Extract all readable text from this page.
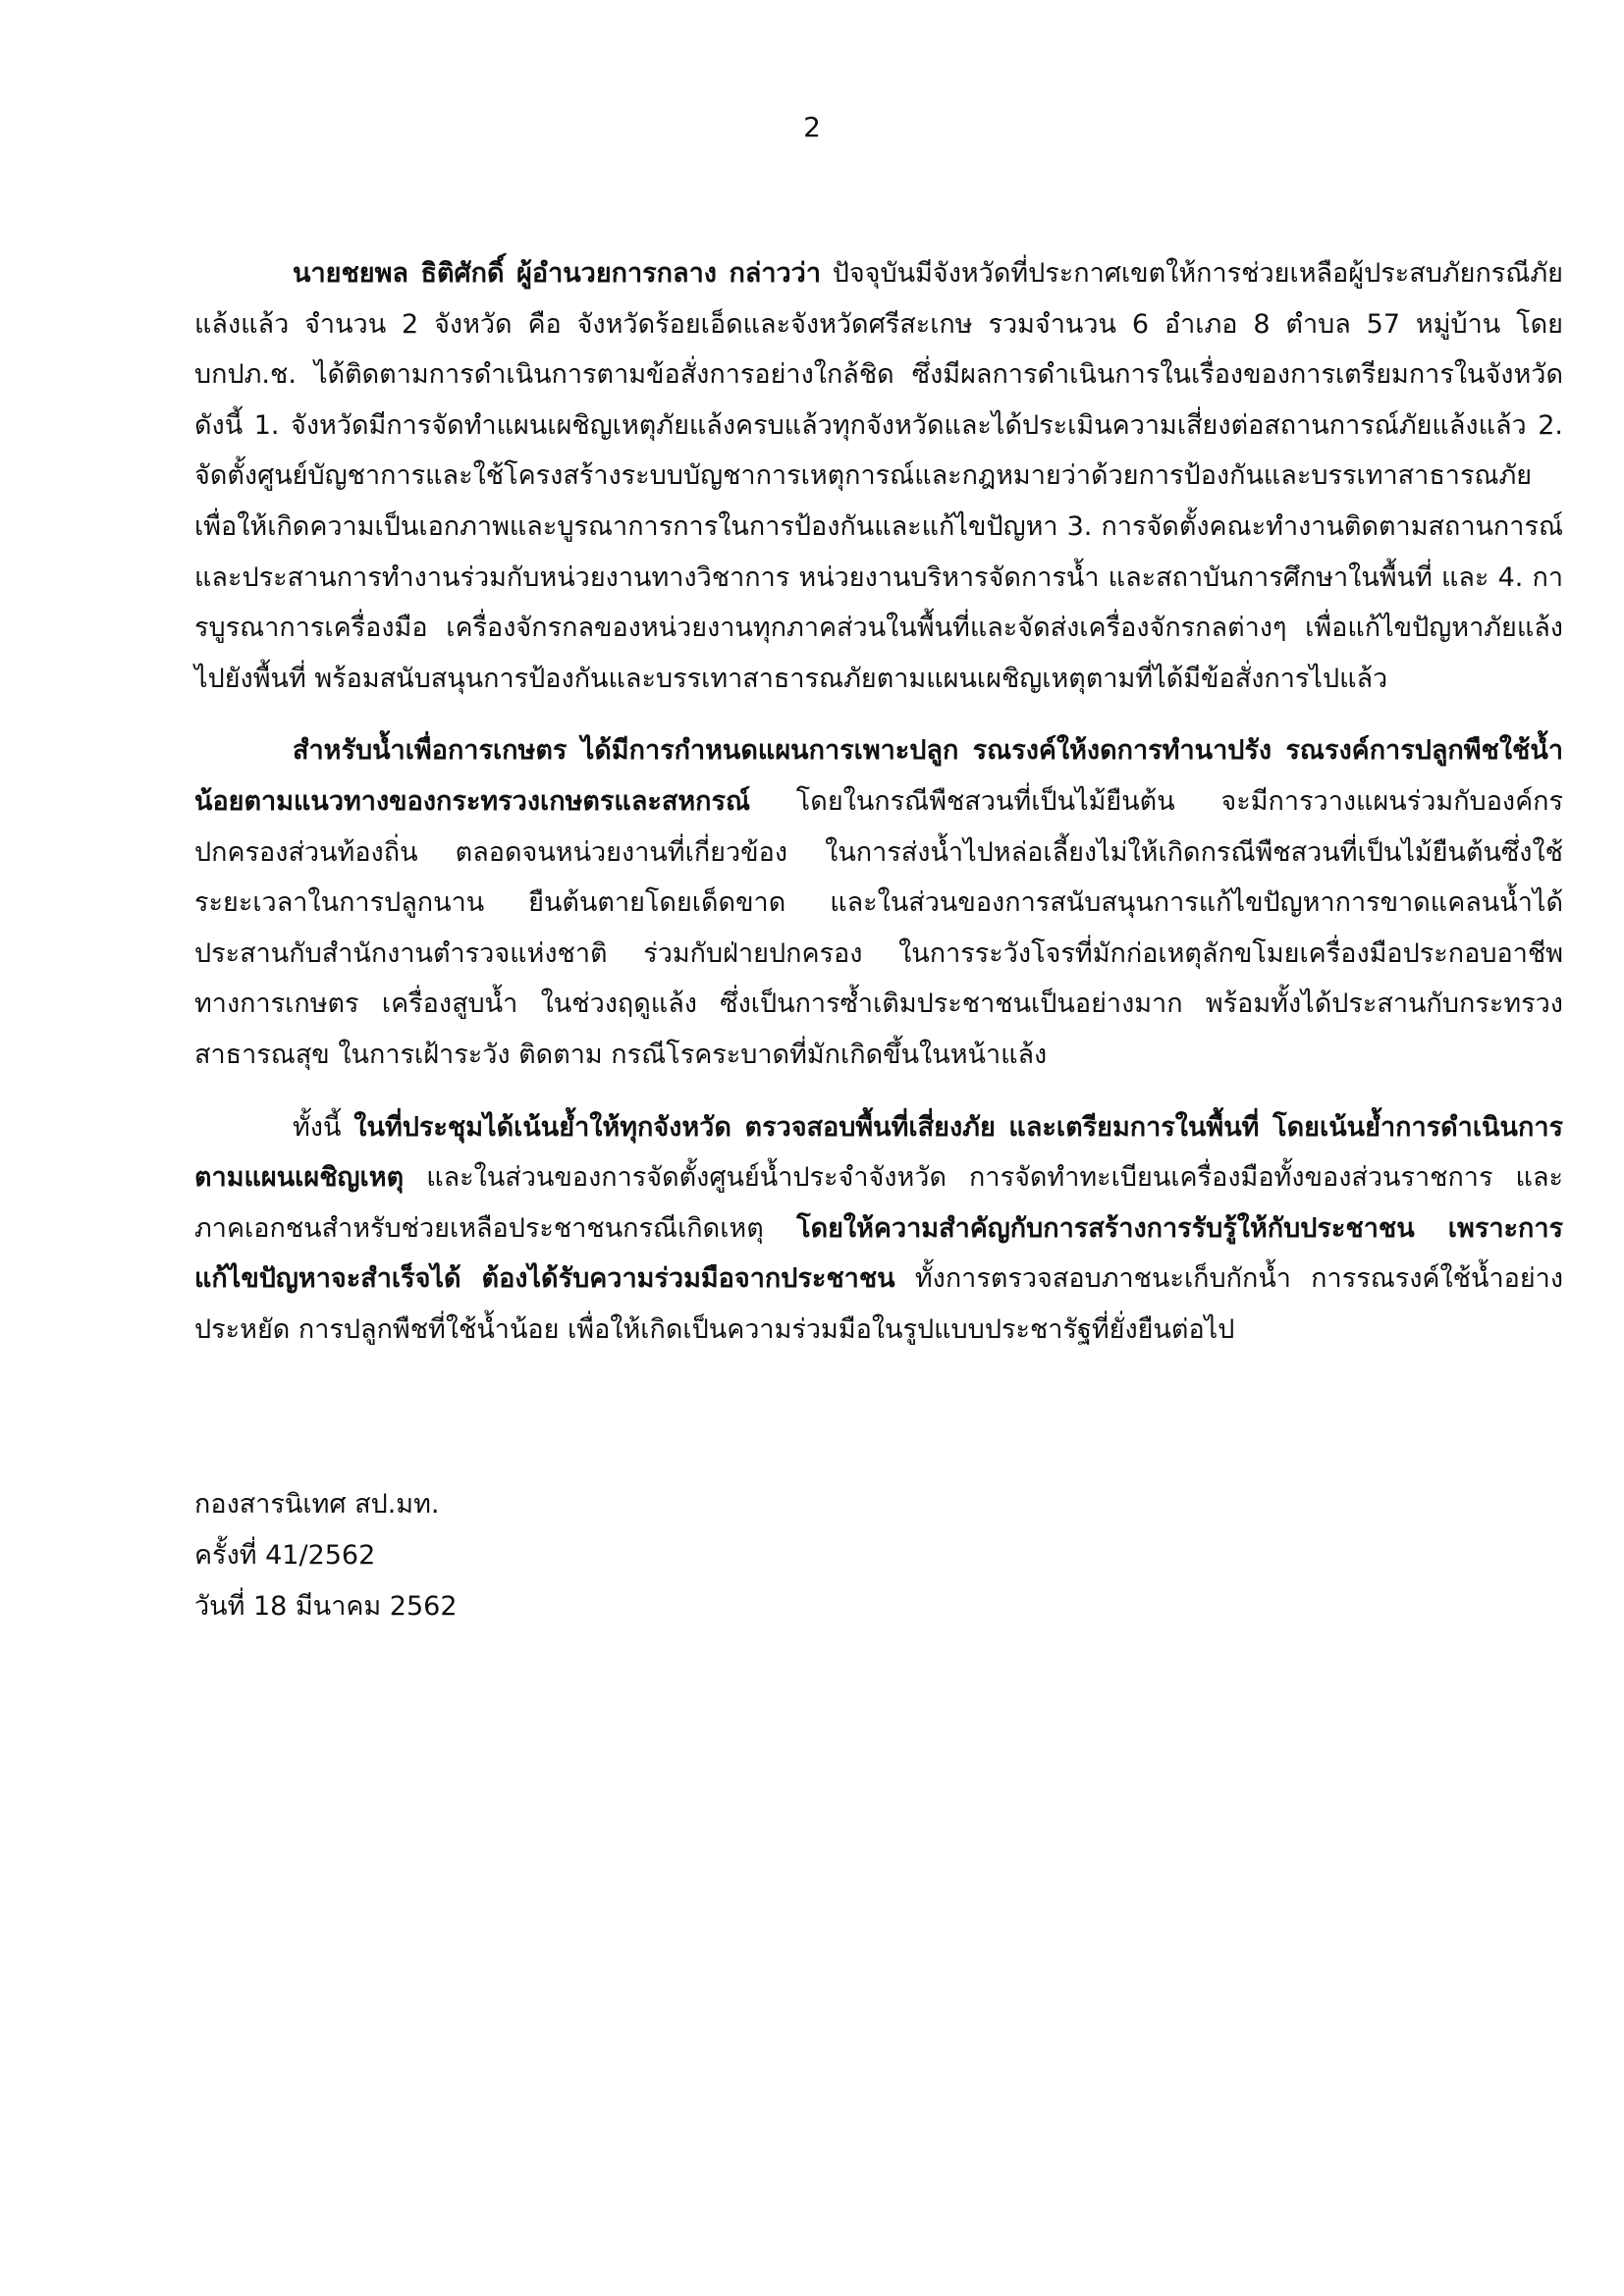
2

นายชยพล ธิติศักดิ์ ผู้อำนวยการกลาง กล่าวว่า ปัจจุบันมีจังหวัดที่ประกาศเขตให้การช่วยเหลือผู้ประสบภัยกรณีภัยแล้งแล้ว จำนวน 2 จังหวัด คือ จังหวัดร้อยเอ็ดและจังหวัดศรีสะเกษ รวมจำนวน 6 อำเภอ 8 ตำบล 57 หมู่บ้าน โดย บกปภ.ช. ได้ติดตามการดำเนินการตามข้อสั่งการอย่างใกล้ชิด ซึ่งมีผลการดำเนินการในเรื่องของการเตรียมการในจังหวัด ดังนี้ 1. จังหวัดมีการจัดทำแผนเผชิญเหตุภัยแล้งครบแล้วทุกจังหวัดและได้ประเมินความเสี่ยงต่อสถานการณ์ภัยแล้งแล้ว 2. จัดตั้งศูนย์บัญชาการและใช้โครงสร้างระบบบัญชาการเหตุการณ์และกฎหมายว่าด้วยการป้องกันและบรรเทาสาธารณภัยเพื่อให้เกิดความเป็นเอกภาพและบูรณาการการในการป้องกันและแก้ไขปัญหา 3. การจัดตั้งคณะทำงานติดตามสถานการณ์และประสานการทำงานร่วมกับหน่วยงานทางวิชาการ หน่วยงานบริหารจัดการน้ำ และสถาบันการศึกษาในพื้นที่ และ 4. การบูรณาการเครื่องมือ เครื่องจักรกลของหน่วยงานทุกภาคส่วนในพื้นที่และจัดส่งเครื่องจักรกลต่างๆ เพื่อแก้ไขปัญหาภัยแล้งไปยังพื้นที่ พร้อมสนับสนุนการป้องกันและบรรเทาสาธารณภัยตามแผนเผชิญเหตุตามที่ได้มีข้อสั่งการไปแล้ว

สำหรับน้ำเพื่อการเกษตร ได้มีการกำหนดแผนการเพาะปลูก รณรงค์ให้งดการทำนาปรัง รณรงค์การปลูกพืชใช้น้ำน้อยตามแนวทางของกระทรวงเกษตรและสหกรณ์ โดยในกรณีพืชสวนที่เป็นไม้ยืนต้น จะมีการวางแผนร่วมกับองค์กรปกครองส่วนท้องถิ่น ตลอดจนหน่วยงานที่เกี่ยวข้อง ในการส่งน้ำไปหล่อเลี้ยงไม่ให้เกิดกรณีพืชสวนที่เป็นไม้ยืนต้นซึ่งใช้ระยะเวลาในการปลูกนาน ยืนต้นตายโดยเด็ดขาด และในส่วนของการสนับสนุนการแก้ไขปัญหาการขาดแคลนน้ำได้ประสานกับสำนักงานตำรวจแห่งชาติ ร่วมกับฝ่ายปกครอง ในการระวังโจรที่มักก่อเหตุลักขโมยเครื่องมือประกอบอาชีพทางการเกษตร เครื่องสูบน้ำ ในช่วงฤดูแล้ง ซึ่งเป็นการซ้ำเติมประชาชนเป็นอย่างมาก พร้อมทั้งได้ประสานกับกระทรวงสาธารณสุข ในการเฝ้าระวัง ติดตาม กรณีโรคระบาดที่มักเกิดขึ้นในหน้าแล้ง

ทั้งนี้ ในที่ประชุมได้เน้นย้ำให้ทุกจังหวัด ตรวจสอบพื้นที่เสี่ยงภัย และเตรียมการในพื้นที่ โดยเน้นย้ำการดำเนินการตามแผนเผชิญเหตุ และในส่วนของการจัดตั้งศูนย์น้ำประจำจังหวัด การจัดทำทะเบียนเครื่องมือทั้งของส่วนราชการ และภาคเอกชนสำหรับช่วยเหลือประชาชนกรณีเกิดเหตุ โดยให้ความสำคัญกับการสร้างการรับรู้ให้กับประชาชน เพราะการแก้ไขปัญหาจะสำเร็จได้ ต้องได้รับความร่วมมือจากประชาชน ทั้งการตรวจสอบภาชนะเก็บกักน้ำ การรณรงค์ใช้น้ำอย่างประหยัด การปลูกพืชที่ใช้น้ำน้อย เพื่อให้เกิดเป็นความร่วมมือในรูปแบบประชารัฐที่ยั่งยืนต่อไป

กองสารนิเทศ สป.มท.
ครั้งที่ 41/2562
วันที่ 18 มีนาคม 2562
